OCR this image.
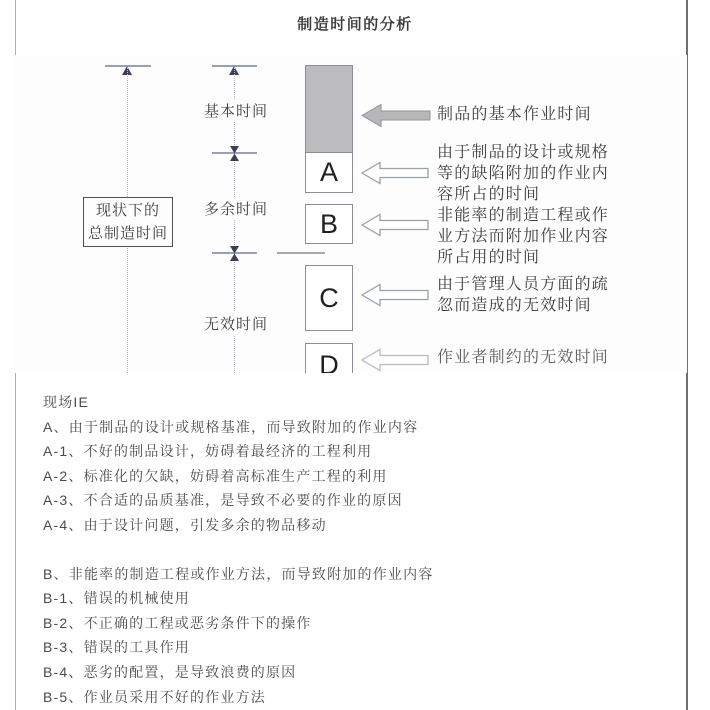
制造时间的分析
基本时间
多余时间
无效时间
现状下的
总制造时间
A
B
C
D
制品的基本作业时间
由于制品的设计或规格等的缺陷附加的作业内容所占的时间
非能率的制造工程或作业方法而附加作业内容所占用的时间
由于管理人员方面的疏忽而造成的无效时间
作业者制约的无效时间
现场IE
A、由于制品的设计或规格基准，而导致附加的作业内容
A-1、不好的制品设计，妨碍着最经济的工程利用
A-2、标准化的欠缺，妨碍着高标准生产工程的利用
A-3、不合适的品质基准，是导致不必要的作业的原因
A-4、由于设计问题，引发多余的物品移动
B、非能率的制造工程或作业方法，而导致附加的作业内容
B-1、错误的机械使用
B-2、不正确的工程或恶劣条件下的操作
B-3、错误的工具作用
B-4、恶劣的配置，是导致浪费的原因
B-5、作业员采用不好的作业方法
